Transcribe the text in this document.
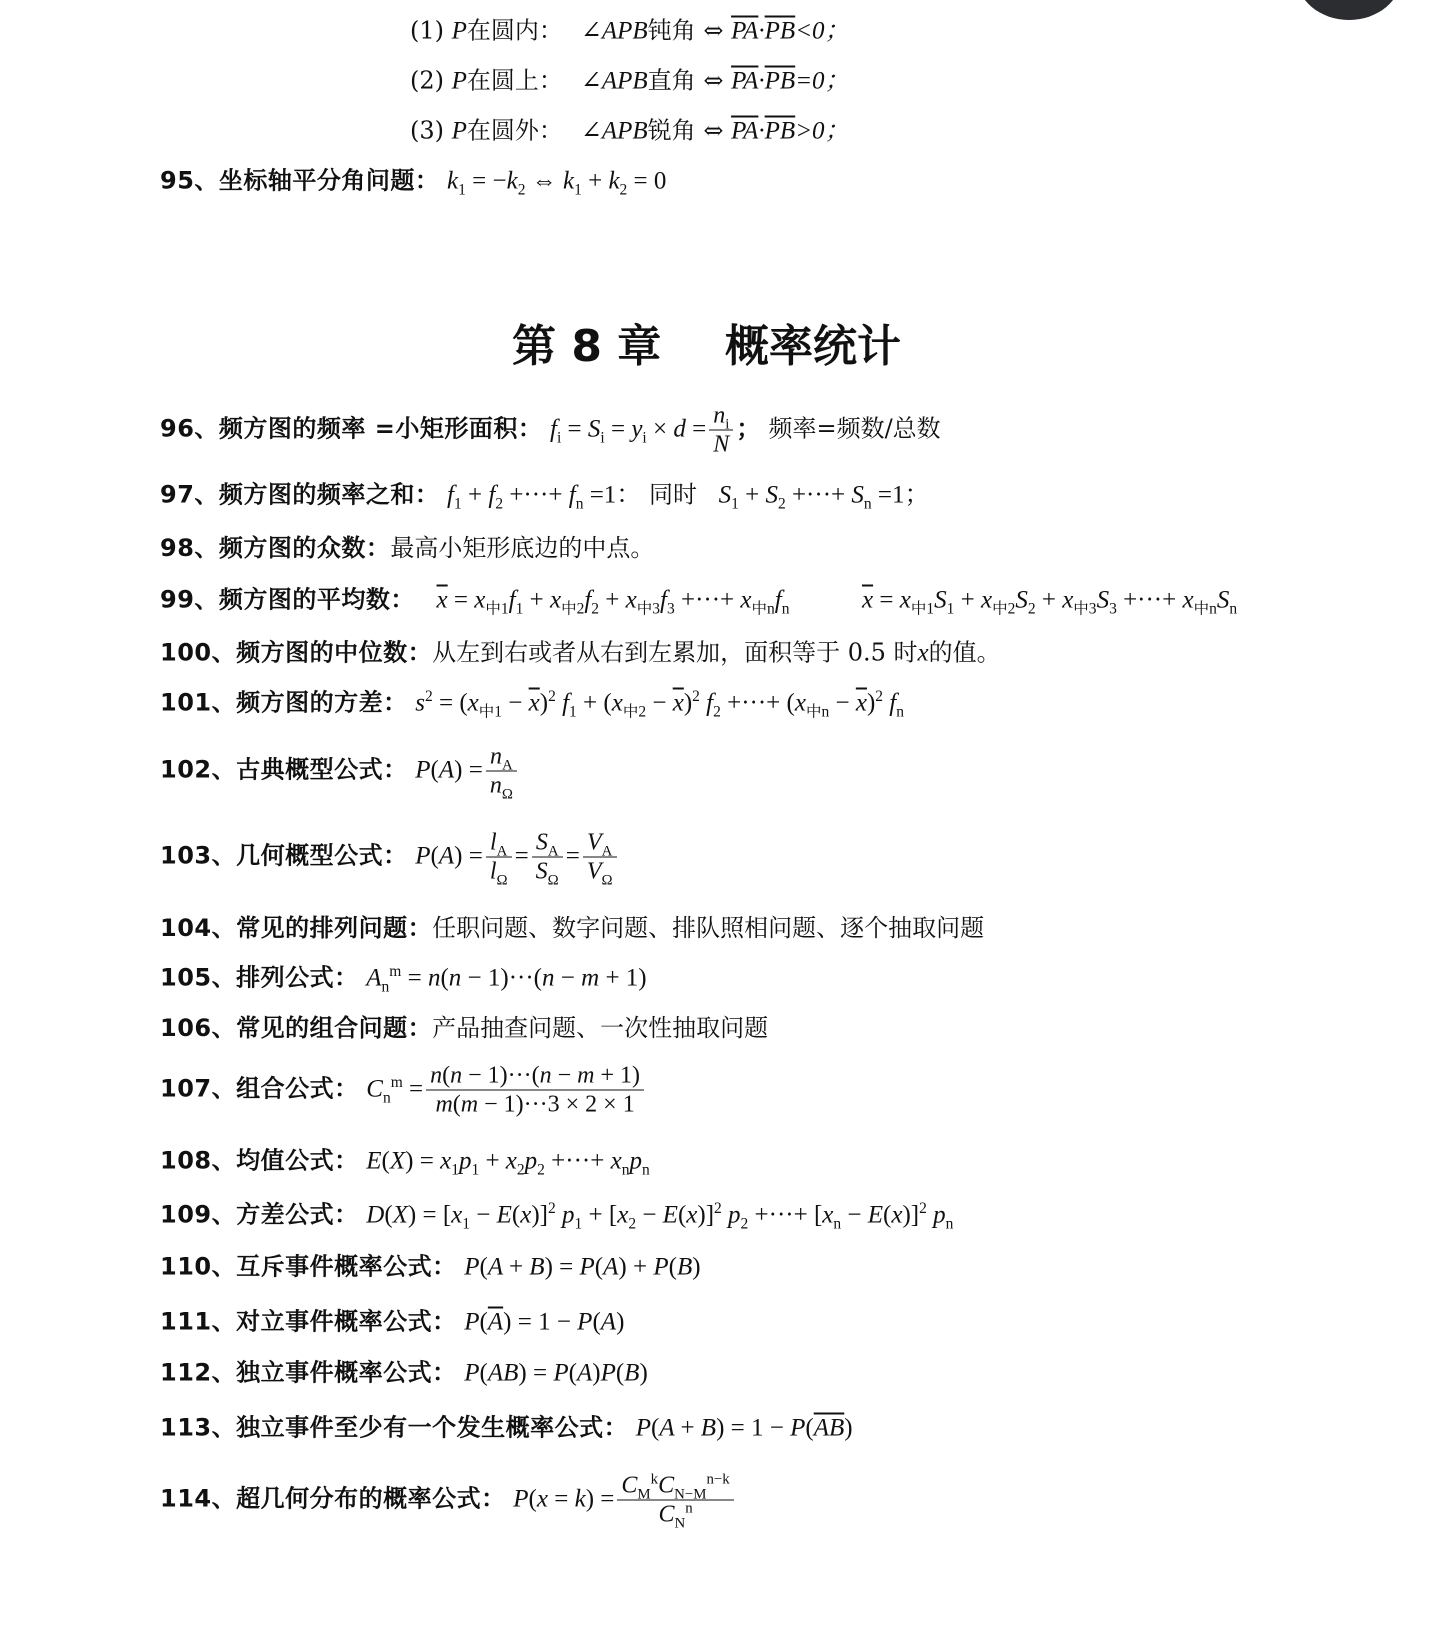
(1) P在圆内： ∠APB钝角 ⇔ $\overline{PA}\cdot\overline{PB}<0$；
(2) P在圆上： ∠APB直角 ⇔ $\overline{PA}\cdot\overline{PB}=0$；
(3) P在圆外： ∠APB锐角 ⇔ $\overline{PA}\cdot\overline{PB}>0$；
95、坐标轴平分角问题： $k_1 = -k_2$ ⇔ $k_1 + k_2 = 0$
第 8 章 概率统计
96、频方图的频率 =小矩形面积： $f_i = S_i = y_i \times d = \frac{n_i}{N}$ ； 频率=频数/总数
97、频方图的频率之和： $f_1 + f_2$ +···+ $f_n =1$： 同时 $S_1 + S_2$ +···+ $S_n =1$；
98、频方图的众数：最高小矩形底边的中点。
99、频方图的平均数： $\overline{x} = x_{中1}f_1 + x_{中2}f_2 + x_{中3}f_3$ +···+ $x_{中n}f_n$	$\overline{x} = x_{中1}S_1 + x_{中2}S_2 + x_{中3}S_3$ +···+ $x_{中n}S_n$
100、频方图的中位数：从左到右或者从右到左累加，面积等于 0.5 时x的值。
101、频方图的方差： $s^2 = (x_{中1} - \overline{x})^2$ $f_1 + (x_{中2} - \overline{x})^2$ $f_2$ +···+ $(x_{中n} - \overline{x})^2$ $f_n$
102、古典概型公式： $P(A) = \frac{n_A}{n_\Omega}$
103、几何概型公式： $P(A) = \frac{l_A}{l_\Omega} = \frac{S_A}{S_\Omega} = \frac{V_A}{V_\Omega}$
104、常见的排列问题：任职问题、数字问题、排队照相问题、逐个抽取问题
105、排列公式： $A_n^m = n(n - 1)\cdot\cdot\cdot(n - m + 1)$
106、常见的组合问题：产品抽查问题、一次性抽取问题
107、组合公式： $C_n^m = \frac{n(n - 1)\cdot\cdot\cdot(n - m + 1)}{m(m - 1)\cdot\cdot\cdot 3 \times 2 \times 1}$
108、均值公式： $E(X) = x_1p_1 + x_2p_2$ +···+ $x_np_n$
109、方差公式： $D(X) = [x_1 - E(x)]^2$ $p_1 + [x_2 - E(x)]^2$ $p_2$ +···+ $[x_n - E(x)]^2$ $p_n$
110、互斥事件概率公式： P(A + B) = P(A) + P(B)
111、对立事件概率公式： $P(\overline{A}) = 1 - P(A)$
112、独立事件概率公式： P(AB) = P(A)P(B)
113、独立事件至少有一个发生概率公式： $P(A + B) = 1 - P(\overline{A}\overline{B})$
114、超几何分布的概率公式： $P(x = k) = \frac{C_M^kC_{N-M}^{n-k}}{C_N^n}$
